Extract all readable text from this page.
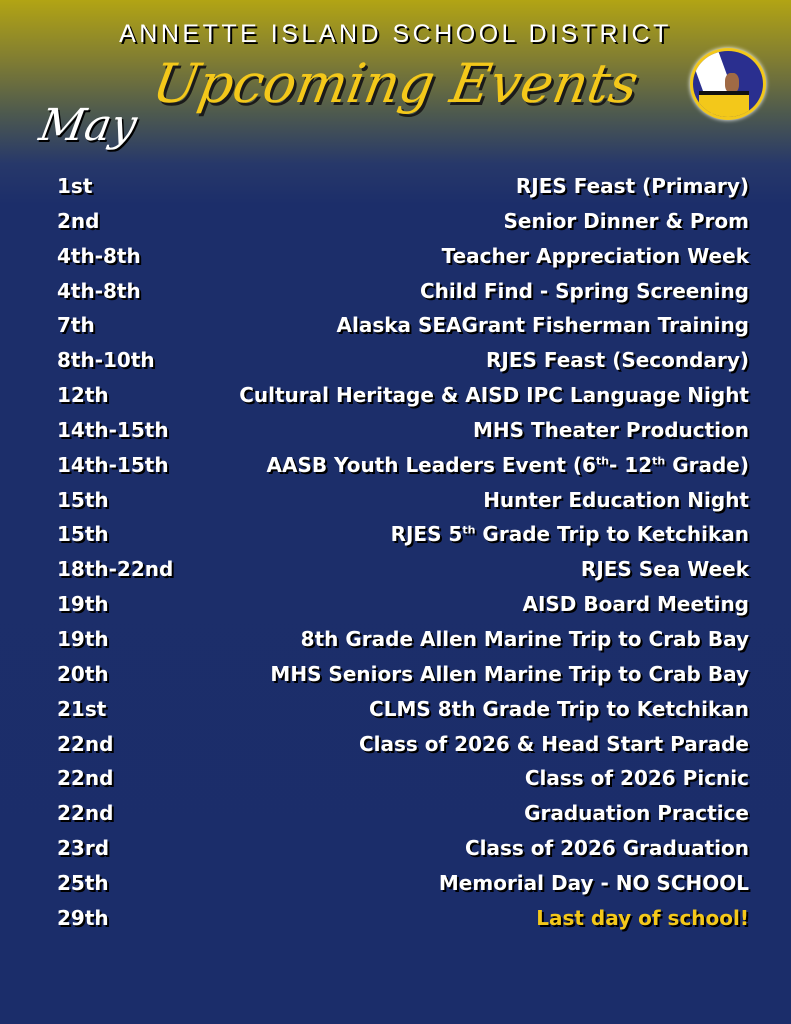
ANNETTE ISLAND SCHOOL DISTRICT
Upcoming Events
May
1st	RJES Feast (Primary)
2nd	Senior Dinner & Prom
4th-8th	Teacher Appreciation Week
4th-8th	Child Find - Spring Screening
7th	Alaska SEAGrant Fisherman Training
8th-10th	RJES Feast (Secondary)
12th	Cultural Heritage & AISD IPC Language Night
14th-15th	MHS Theater Production
14th-15th	AASB Youth Leaders Event (6th- 12th Grade)
15th	Hunter Education Night
15th	RJES 5th Grade Trip to Ketchikan
18th-22nd	RJES Sea Week
19th	AISD Board Meeting
19th	8th Grade Allen Marine Trip to Crab Bay
20th	MHS Seniors Allen Marine Trip to Crab Bay
21st	CLMS 8th Grade Trip to Ketchikan
22nd	Class of 2026 & Head Start Parade
22nd	Class of 2026 Picnic
22nd	Graduation Practice
23rd	Class of 2026 Graduation
25th	Memorial Day - NO SCHOOL
29th	Last day of school!
